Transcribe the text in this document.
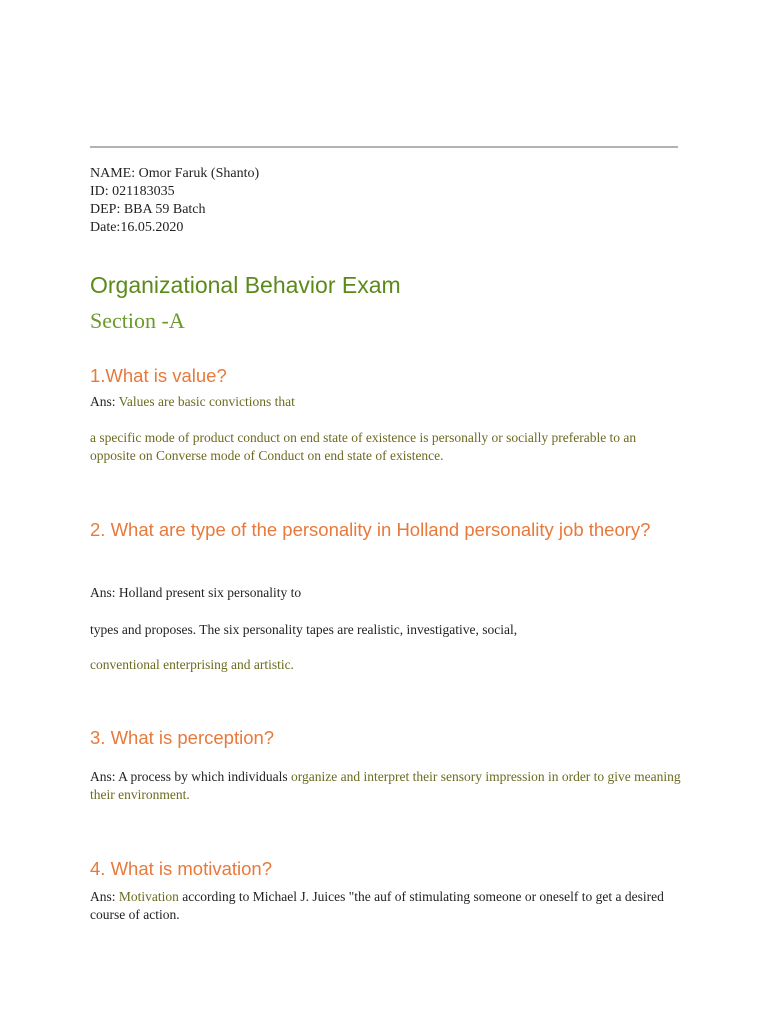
NAME: Omor Faruk (Shanto)
ID: 021183035
DEP: BBA 59 Batch
Date:16.05.2020
Organizational Behavior Exam
Section -A
1.What is value?
Ans: Values are basic convictions that
a specific mode of product conduct on end state of existence is personally or socially preferable to an opposite on Converse mode of Conduct on end state of existence.
2. What are type of the personality in Holland personality job theory?
Ans: Holland present six personality to
types and proposes. The six personality tapes are realistic, investigative, social,
conventional enterprising and artistic.
3. What is perception?
Ans: A process by which individuals organize and interpret their sensory impression in order to give meaning their environment.
4. What is motivation?
Ans: Motivation according to Michael J. Juices "the auf of stimulating someone or oneself to get a desired course of action.
